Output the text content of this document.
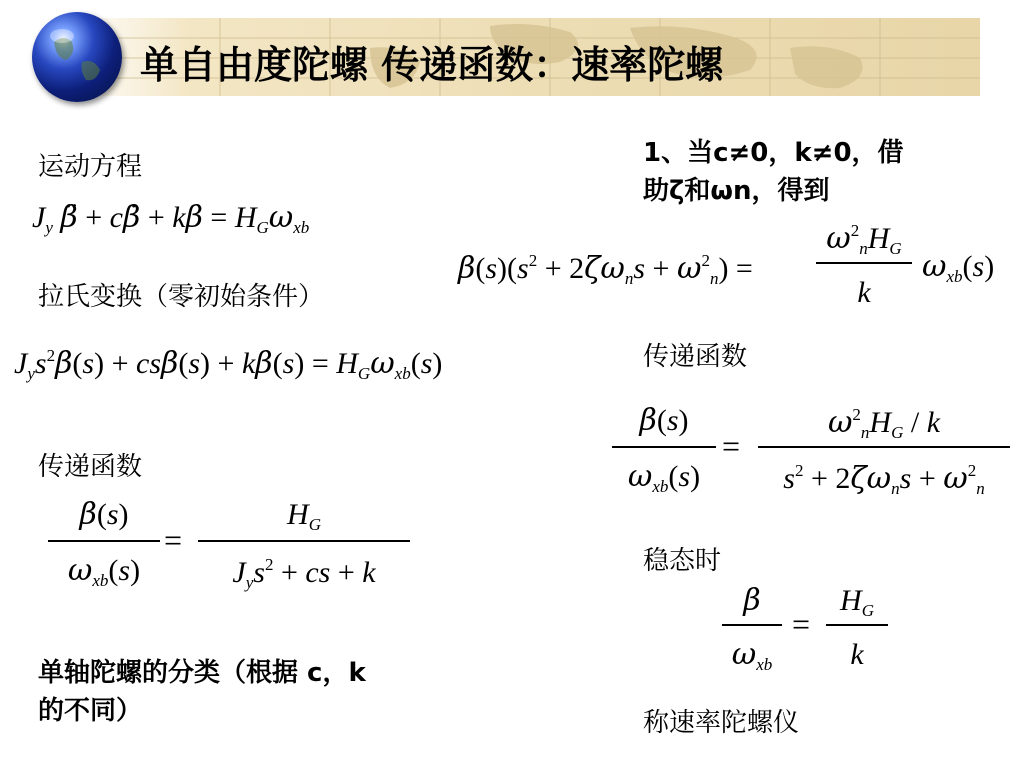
单自由度陀螺 传递函数：速率陀螺
运动方程
$J_y$ β̈ + cβ̇ + $k\beta = H_G\omega_{xb}$
拉氏变换（零初始条件）
$J_ys^2\beta(s) + cs\beta(s) + k\beta(s) = H_G\omega_{xb}(s)$
传递函数
β(s)
$\omega_{xb}(s)$
=
$H_G$
$J_ys^2$ + cs + k
单轴陀螺的分类（根据 c，k
的不同）
1、当c≠0，k≠0，借
助ζ和ωn，得到
$\beta(s)(s^2 + 2\zeta\omega_ns + \omega^2_n)$ =
$\omega^2_nH_G$
k
$\omega_{xb}(s)$
传递函数
β(s)
$\omega_{xb}(s)$
=
$\omega^2_nH_G$ / k
$s^2 + 2\zeta\omega_ns + \omega^2_n$
稳态时
β
$\omega_{xb}$
=
$H_G$
k
称速率陀螺仪
